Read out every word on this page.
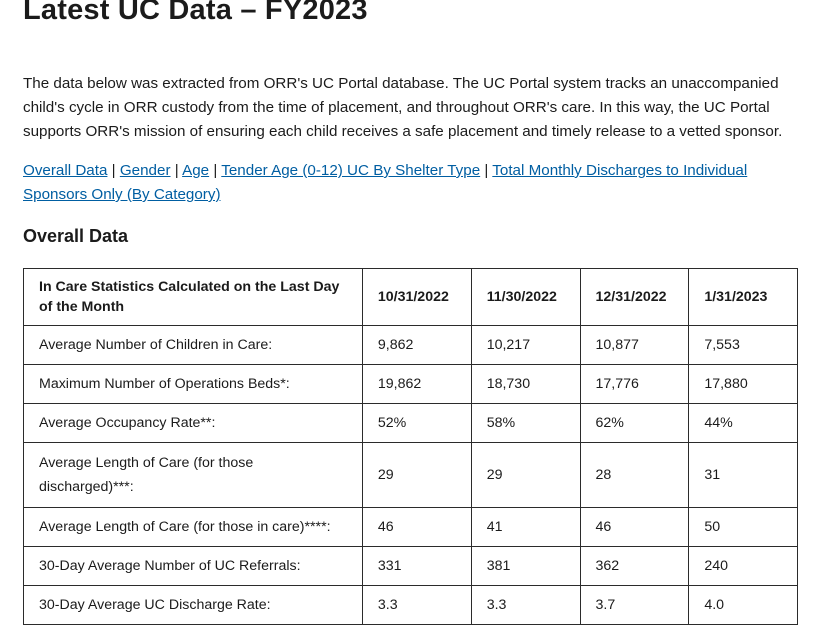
Latest UC Data – FY2023

The data below was extracted from ORR's UC Portal database. The UC Portal system tracks an unaccompanied child's cycle in ORR custody from the time of placement, and throughout ORR's care. In this way, the UC Portal supports ORR's mission of ensuring each child receives a safe placement and timely release to a vetted sponsor.

Overall Data | Gender | Age | Tender Age (0-12) UC By Shelter Type | Total Monthly Discharges to Individual Sponsors Only (By Category)

Overall Data
In Care Statistics Calculated on the Last Day of the Month	10/31/2022	11/30/2022	12/31/2022	1/31/2023
Average Number of Children in Care:	9,862	10,217	10,877	7,553
Maximum Number of Operations Beds*:	19,862	18,730	17,776	17,880
Average Occupancy Rate**:	52%	58%	62%	44%
Average Length of Care (for those discharged)***:	29	29	28	31
Average Length of Care (for those in care)****:	46	41	46	50
30-Day Average Number of UC Referrals:	331	381	362	240
30-Day Average UC Discharge Rate:	3.3	3.3	3.7	4.0
